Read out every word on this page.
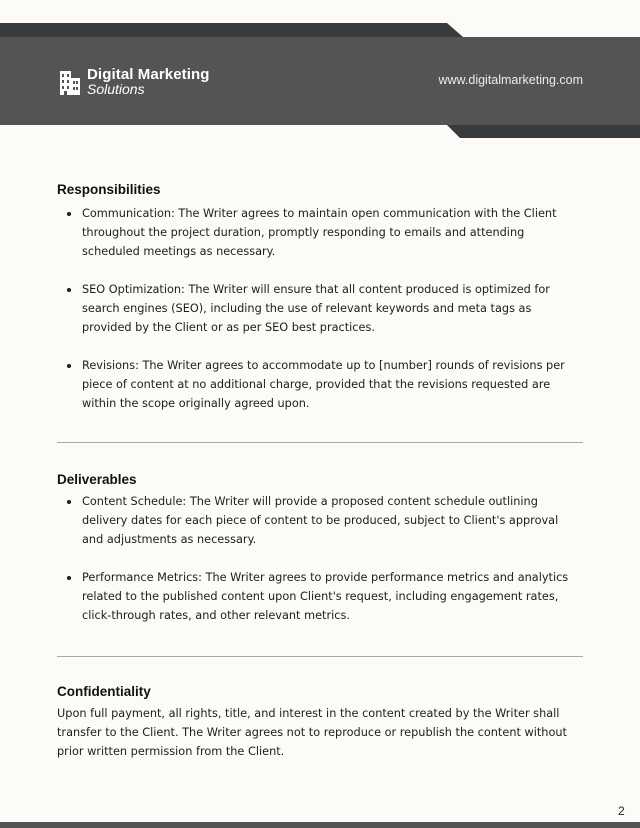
Digital Marketing
Solutions
www.digitalmarketing.com
Responsibilities
Communication: The Writer agrees to maintain open communication with the Client throughout the project duration, promptly responding to emails and attending scheduled meetings as necessary.
SEO Optimization: The Writer will ensure that all content produced is optimized for search engines (SEO), including the use of relevant keywords and meta tags as provided by the Client or as per SEO best practices.
Revisions: The Writer agrees to accommodate up to [number] rounds of revisions per piece of content at no additional charge, provided that the revisions requested are within the scope originally agreed upon.
Deliverables
Content Schedule: The Writer will provide a proposed content schedule outlining delivery dates for each piece of content to be produced, subject to Client's approval and adjustments as necessary.
Performance Metrics: The Writer agrees to provide performance metrics and analytics related to the published content upon Client's request, including engagement rates, click-through rates, and other relevant metrics.
Confidentiality

Upon full payment, all rights, title, and interest in the content created by the Writer shall transfer to the Client. The Writer agrees not to reproduce or republish the content without prior written permission from the Client.

2
